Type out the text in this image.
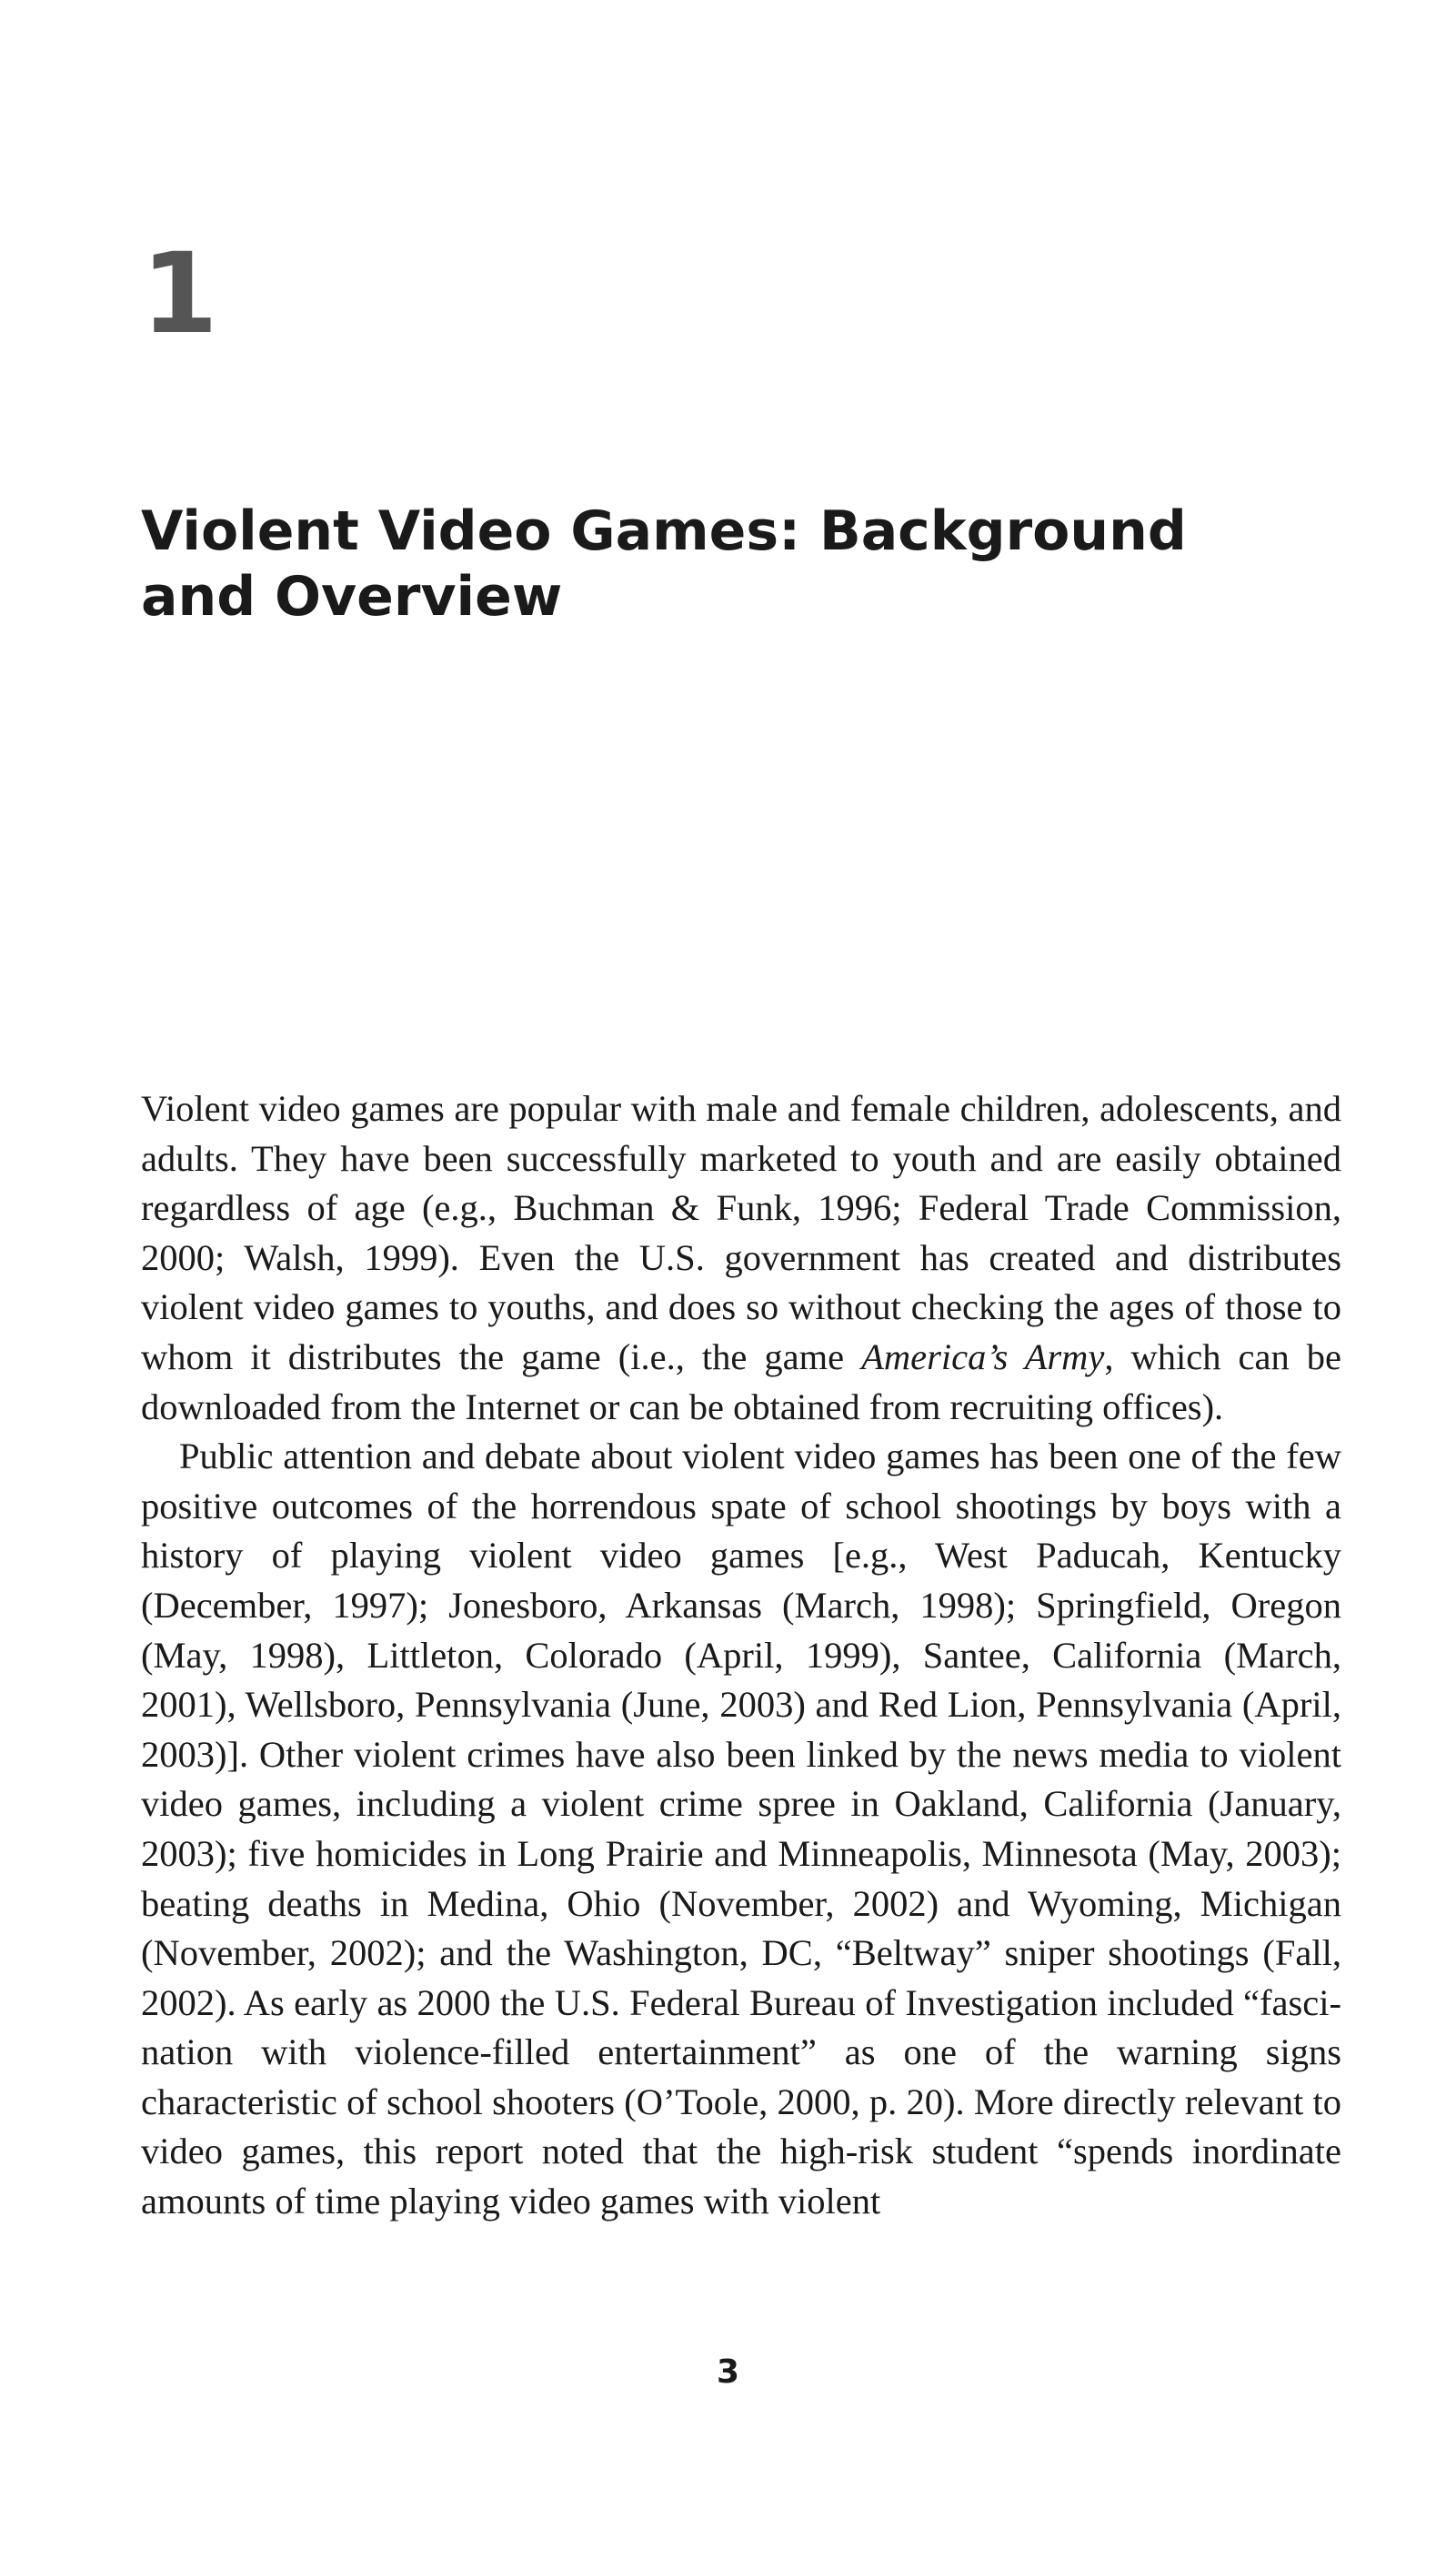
1
Violent Video Games: Background
and Overview

Violent video games are popular with male and female children, adolescents, and adults. They have been successfully marketed to youth and are easily obtained regardless of age (e.g., Buchman & Funk, 1996; Federal Trade Commission, 2000; Walsh, 1999). Even the U.S. government has created and distributes violent video games to youths, and does so without checking the ages of those to whom it distributes the game (i.e., the game America’s Army, which can be downloaded from the Internet or can be obtained from recruiting offices).

Public attention and debate about violent video games has been one of the few positive outcomes of the horrendous spate of school shootings by boys with a history of playing violent video games [e.g., West Paducah, Kentucky (December, 1997); Jonesboro, Arkansas (March, 1998); Springfield, Oregon (May, 1998), Littleton, Colorado (April, 1999), Santee, California (March, 2001), Wellsboro, Pennsylvania (June, 2003) and Red Lion, Pennsylvania (April, 2003)]. Other violent crimes have also been linked by the news media to violent video games, including a violent crime spree in Oakland, California (January, 2003); five homicides in Long Prairie and Minneapolis, Minnesota (May, 2003); beating deaths in Medina, Ohio (November, 2002) and Wyoming, Michigan (November, 2002); and the Washington, DC, “Beltway” sniper shootings (Fall, 2002). As early as 2000 the U.S. Federal Bureau of Investigation included “fascination with violence-filled entertainment” as one of the warning signs characteristic of school shooters (O’Toole, 2000, p. 20). More directly relevant to video games, this report noted that the high-risk student “spends inordinate amounts of time playing video games with violent

3
